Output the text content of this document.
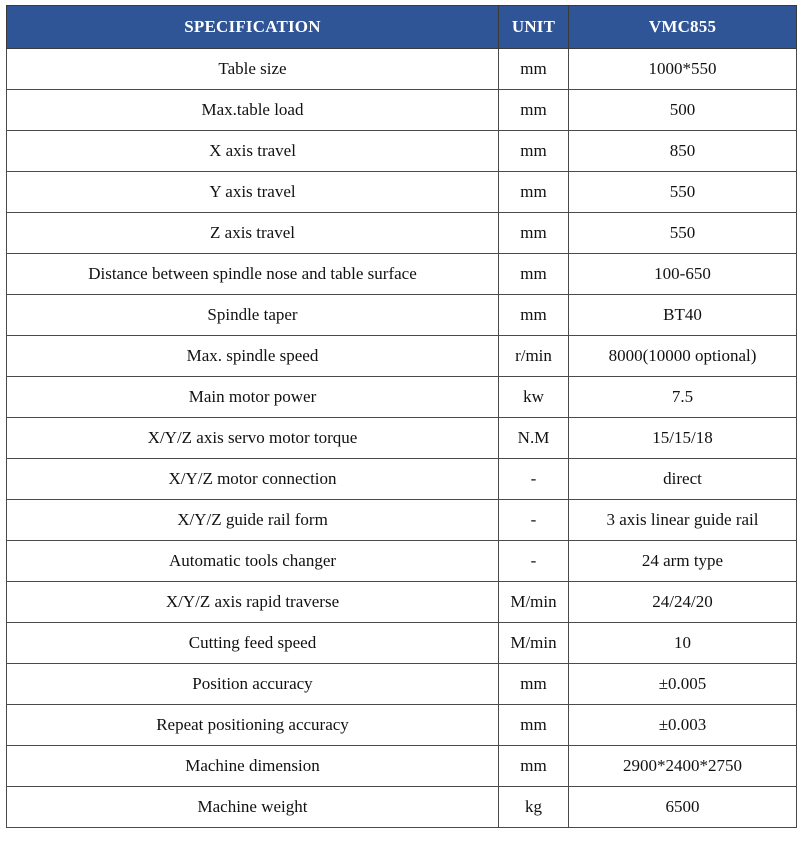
SPECIFICATION	UNIT	VMC855
Table size	mm	1000*550
Max.table load	mm	500
X axis travel	mm	850
Y axis travel	mm	550
Z axis travel	mm	550
Distance between spindle nose and table surface	mm	100-650
Spindle taper	mm	BT40
Max. spindle speed	r/min	8000(10000 optional)
Main motor power	kw	7.5
X/Y/Z axis servo motor torque	N.M	15/15/18
X/Y/Z motor connection	-	direct
X/Y/Z guide rail form	-	3 axis linear guide rail
Automatic tools changer	-	24 arm type
X/Y/Z axis rapid traverse	M/min	24/24/20
Cutting feed speed	M/min	10
Position accuracy	mm	±0.005
Repeat positioning accuracy	mm	±0.003
Machine dimension	mm	2900*2400*2750
Machine weight	kg	6500
